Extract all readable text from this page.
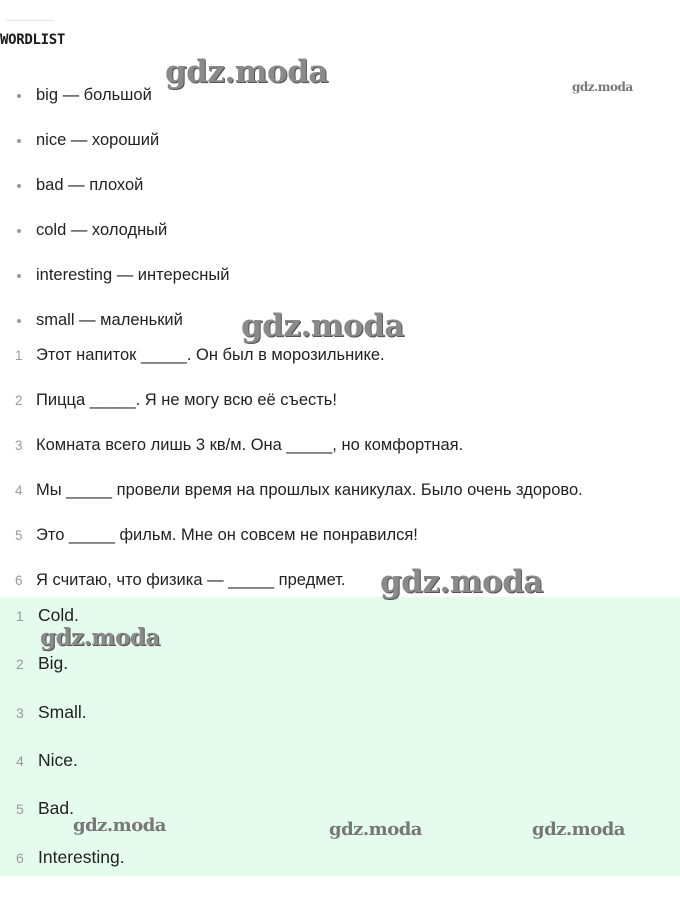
WORDLIST
big — большой
nice — хороший
bad — плохой
cold — холодный
interesting — интересный
small — маленький
1 Этот напиток _____. Он был в морозильнике.
2 Пицца _____. Я не могу всю её съесть!
3 Комната всего лишь 3 кв/м. Она _____, но комфортная.
4 Мы _____ провели время на прошлых каникулах. Было очень здорово.
5 Это _____ фильм. Мне он совсем не понравился!
6 Я считаю, что физика — _____ предмет.
1 Cold.
2 Big.
3 Small.
4 Nice.
5 Bad.
6 Interesting.
gdz.moda	gdz.moda
gdz.moda
gdz.moda
gdz.moda
gdz.moda	gdz.moda	gdz.moda
